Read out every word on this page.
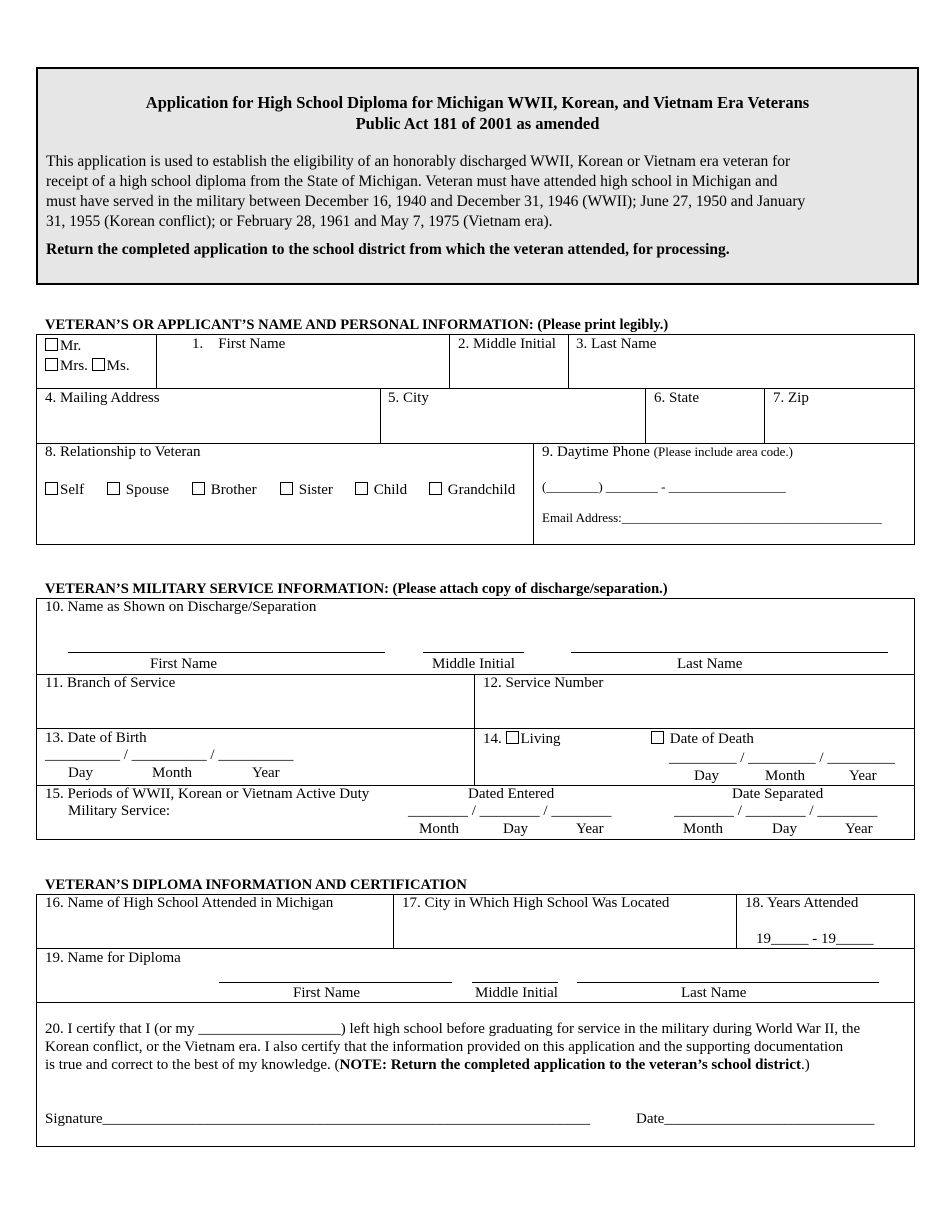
Application for High School Diploma for Michigan WWII, Korean, and Vietnam Era Veterans
Public Act 181 of 2001 as amended
This application is used to establish the eligibility of an honorably discharged WWII, Korean or Vietnam era veteran for
receipt of a high school diploma from the State of Michigan. Veteran must have attended high school in Michigan and
must have served in the military between December 16, 1940 and December 31, 1946 (WWII); June 27, 1950 and January
31, 1955 (Korean conflict); or February 28, 1961 and May 7, 1975 (Vietnam era).
Return the completed application to the school district from which the veteran attended, for processing.
VETERAN’S OR APPLICANT’S NAME AND PERSONAL INFORMATION: (Please print legibly.)
Mr.
Mrs. Ms.
1.    First Name	2. Middle Initial 3. Last Name
4. Mailing Address	5. City	6. State	7. Zip
8. Relationship to Veteran
Self	Spouse	Brother	Sister	Child	Grandchild
9. Daytime Phone (Please include area code.)
(________) ________ - __________________
Email Address:________________________________________
VETERAN’S MILITARY SERVICE INFORMATION: (Please attach copy of discharge/separation.)
10. Name as Shown on Discharge/Separation
First Name	Middle Initial	Last Name
11. Branch of Service	12. Service Number
13. Date of Birth
__________ / __________ / __________
Day	Month	Year
14. Living	Date of Death
_________ / _________ / _________
Day	Month	Year
15. Periods of WWII, Korean or Vietnam Active Duty
Military Service:
Dated Entered
________ / ________ / ________
Month	Day	Year
Date Separated
________ / ________ / ________
Month	Day	Year
VETERAN’S DIPLOMA INFORMATION AND CERTIFICATION
16. Name of High School Attended in Michigan	17. City in Which High School Was Located	18. Years Attended
19_____ - 19_____
19. Name for Diploma
First Name	Middle Initial	Last Name
20. I certify that I (or my ___________________) left high school before graduating for service in the military during World War II, the
Korean conflict, or the Vietnam era. I also certify that the information provided on this application and the supporting documentation
is true and correct to the best of my knowledge. (NOTE: Return the completed application to the veteran’s school district.)
Signature_________________________________________________________________	Date____________________________
